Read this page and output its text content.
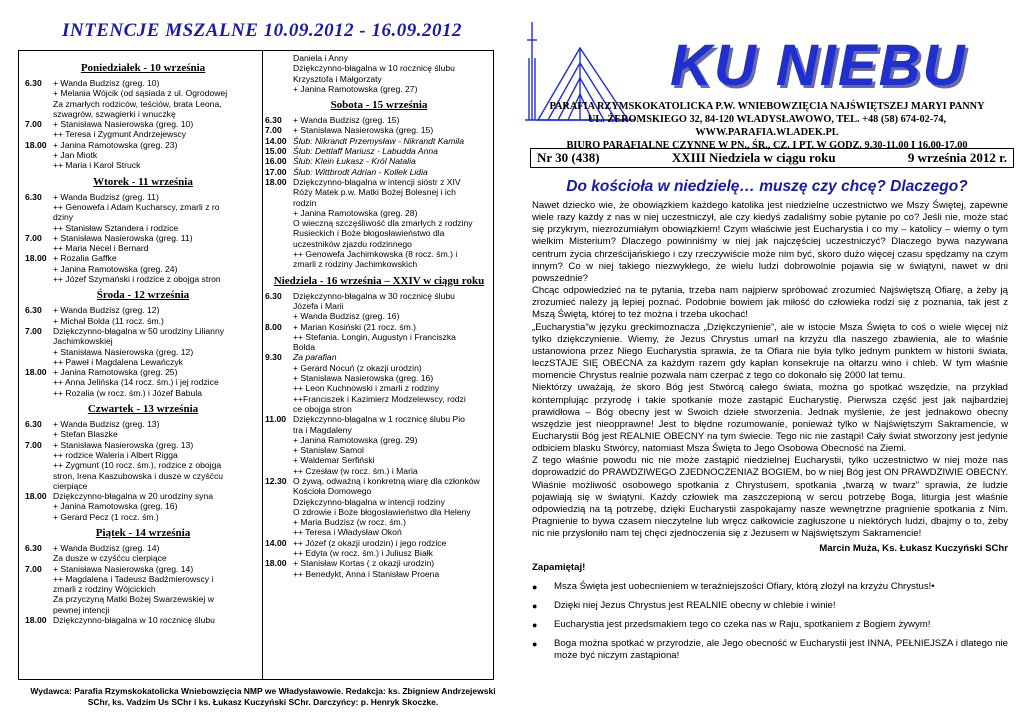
INTENCJE MSZALNE 10.09.2012 - 16.09.2012
Poniedziałek - 10 września
6.30	+ Wanda Budzisz (greg. 10)
+ Melania Wójcik (od sąsiada z ul. Ogrodowej
Za zmarłych rodziców, teściów, brata Leona,
szwagrów, szwagierki i wnuczkę
7.00	+ Stanisława Nasierowska (greg. 10)
++ Teresa i Zygmunt Andrzejewscy
18.00 + Janina Ramotowska (greg. 23)
+ Jan Miotk
++ Maria i Karol Struck
Wtorek - 11 września
6.30	+ Wanda Budzisz (greg. 11)
++ Genowefa i Adam Kucharscy, zmarli z ro
dziny
++ Stanisław Sztandera i rodzice
7.00	+ Stanisława Nasierowska (greg. 11)
++ Maria Necel i Bernard
18.00 + Rozalia Gaffke
+ Janina Ramotowska (greg. 24)
++ Józef Szymański i rodzice z obojga stron
Środa - 12 września
6.30	+ Wanda Budzisz (greg. 12)
+ Michał Bolda (11 rocz. śm.)
7.00	Dziękczynno-błagalna w 50 urodziny Lilianny
Jachimkowskiej
+ Stanisława Nasierowska (greg. 12)
++ Paweł i Magdalena Lewańczyk
18.00 + Janina Ramotowska (greg. 25)
++ Anna Jelińska (14 rocz. śm.) i jej rodzice
++ Rozalia (w rocz. śm.) i Józef Babula
Czwartek - 13 września
6.30	+ Wanda Budzisz (greg. 13)
+ Stefan Blaszke
7.00	+ Stanisława Nasierowska (greg. 13)
++ rodzice Waleria i Albert Rigga
++ Zygmunt (10 rocz. śm.), rodzice z obojga
stron, Irena Kaszubowska i dusze w czyśćcu
cierpiące
18.00 Dziękczynno-błagalna w 20 urodziny syna
+ Janina Ramotowska (greg. 16)
+ Gerard Pecz (1 rocz. śm.)
Piątek - 14 września
6.30	+ Wanda Budzisz (greg. 14)
Za dusze w czyśćcu cierpiące
7.00	+ Stanisława Nasierowska (greg. 14)
++ Magdalena i Tadeusz Badźmierowscy i
zmarli z rodziny Wójcickich
Za przyczyną Matki Bożej Swarzewskiej w
pewnej intencji
18.00 Dziękczynno-błagalna w 10 rocznicę ślubu
Daniela i Anny
Dziękczynno-błagalna w 10 rocznicę ślubu
Krzysztofa i Małgorzaty
+ Janina Ramotowska (greg. 27)
Sobota - 15 września
6.30	+ Wanda Budzisz (greg. 15)
7.00	+ Stanisława Nasierowska (greg. 15)
14.00 Ślub: Nikrandt Przemysław - Nikrandt Kamila
15.00 Ślub: Dettlaff Mariusz - Labudda Anna
16.00 Ślub: Klein Łukasz - Król Natalia
17.00 Ślub: Wittbrodt Adrian - Kollek Lidia
18.00 Dziękczynno-błagalna w intencji sióstr z XIV
Róży Matek p.w. Matki Bożej Bolesnej i ich
rodzin
+ Janina Ramotowska (greg. 28)
O wieczną szczęśliwość dla zmarłych z rodziny
Rusieckich i Boże błogosławieństwo dla
uczestników zjazdu rodzinnego
++ Genowefa Jachimkowska (8 rocz. śm.) i
zmarli z rodziny Jachimkowskich
Niedziela - 16 września – XXIV w ciągu roku
6.30	Dziękczynno-błagalna w 30 rocznicę ślubu
Józefa i Marii
+ Wanda Budzisz (greg. 16)
8.00	+ Marian Kosiński (21 rocz. śm.)
++ Stefania. Longin, Augustyn i Franciszka
Bolda
9.30	Za parafian
+ Gerard Nocuń (z okazji urodzin)
+ Stanisława Nasierowska (greg. 16)
++ Leon Kuchnowski i zmarli z rodziny
++Franciszek i Kazimierz Modzelewscy, rodzi
ce obojga stron
11.00 Dziękczynno-błagalna w 1 rocznicę ślubu Pio
tra i Magdaleny
+ Janina Ramotowska (greg. 29)
+ Stanisław Samol
+ Waldemar Serfiński
++ Czesław (w rocz. śm.) i Maria
12.30 O żywą, odważną i konkretną wiarę dla członków Kościoła Domowego
Dziękczynno-błagalna w intencji rodziny
O zdrowie i Boże błogosławieństwo dla Heleny
+ Maria Budzisz (w rocz. śm.)
++ Teresa i Władysław Okoń
14.00 ++ Józef (z okazji urodzin) i jego rodzice
++ Edyta (w rocz. śm.) i Juliusz Białk
18.00 + Stanisław Kortas ( z okazji urodzin)
++ Benedykt, Anna i Stanisław Proena
Wydawca: Parafia Rzymskokatolicka Wniebowzięcia NMP we Władysławowie. Redakcja: ks. Zbigniew Andrzejewski
SChr, ks. Vadzim Us SChr i ks. Łukasz Kuczyński SChr. Darczyńcy: p. Henryk Skoczke.
KU NIEBU
PARAFIA RZYMSKOKATOLICKA P.W. WNIEBOWZIĘCIA NAJŚWIĘTSZEJ MARYI PANNY
UL. ŻEROMSKIEGO 32, 84-120 WŁADYSŁAWOWO, TEL. +48 (58) 674-02-74, WWW.PARAFIA.WLADEK.PL
BIURO PARAFIALNE CZYNNE W PN., ŚR., CZ. I PT. W GODZ. 9.30-11.00 I 16.00-17.00
Nr 30 (438)	XXIII Niedziela w ciągu roku	9 września 2012 r.
Do kościoła w niedzielę… muszę czy chcę? Dlaczego?

Nawet dziecko wie, że obowiązkiem każdego katolika jest niedzielne uczestnictwo we Mszy Świętej, zapewne wiele razy każdy z nas w niej uczestniczył, ale czy kiedyś zadaliśmy sobie pytanie po co? Jeśli nie, może stać się przykrym, niezrozumiałym obowiązkiem! Czym właściwie jest Eucharystia i co my – katolicy – wiemy o tym wielkim Misterium? Dlaczego powinniśmy w niej jak najczęściej uczestniczyć? Dlaczego bywa nazywana centrum życia chrześcijańskiego i czy rzeczywiście może nim być, skoro dużo więcej czasu spędzamy na czym innym? Co w niej takiego niezwykłego, że wielu ludzi dobrowolnie pojawia się w świątyni, nawet w dni powszednie?

Chcąc odpowiedzieć na te pytania, trzeba nam najpierw spróbować zrozumieć Najświętszą Ofiarę, a żeby ją zrozumieć należy ją lepiej poznać. Podobnie bowiem jak miłość do człowieka rodzi się z poznania, tak jest z Mszą Świętą, której to też można i trzeba ukochać!

„Eucharystia”w języku greckimoznacza „Dziękczynienie”, ale w istocie Msza Święta to coś o wiele więcej niż tylko dziękczynienie. Wiemy, że Jezus Chrystus umarł na krzyżu dla naszego zbawienia, ale to właśnie ustanowiona przez Niego Eucharystia sprawia, że ta Ofiara nie była tylko jednym punktem w historii świata, leczSTAJE SIĘ OBECNA za każdym razem gdy kapłan konsekruje na ołtarzu wino i chleb. W tym właśnie momencie Chrystus realnie pozwala nam czerpać z tego co dokonało się 2000 lat temu.

Niektórzy uważają, że skoro Bóg jest Stwórcą całego świata, można go spotkać wszędzie, na przykład kontemplując przyrodę i takie spotkanie może zastąpić Eucharystię. Pierwsza część jest jak najbardziej prawidłowa – Bóg obecny jest w Swoich dziełe stworzenia. Jednak myślenie, że jest jednakowo obecny wszędzie jest nieopprawne! Jest to błędne rozumowanie, ponieważ tylko w Najświętszym Sakramencie, w Eucharystii Bóg jest REALNIE OBECNY na tym świecie. Tego nic nie zastąpi! Cały świat stworzony jest jedynie odbiciem blasku Stwórcy, natomiast Msza Święta to Jego Osobowa Obecność na Ziemi.

Z tego właśnie powodu nic nie może zastąpić niedzielnej Eucharystii, tylko uczestnictwo w niej może nas doprowadzić do PRAWDZIWEGO ZJEDNOCZENIAZ BOGIEM, bo w niej Bóg jest ON PRAWDZIWIE OBECNY. Właśnie możliwość osobowego spotkania z Chrystusem, spotkania „twarzą w twarz” sprawia, że ludzie pojawiają się w świątyni. Każdy człowiek ma zaszczepioną w sercu potrzebę Boga, liturgia jest właśnie odpowiedzią na tą potrzebę, dzięki Eucharystii zaspokajamy nasze wewnętrzne pragnienie spotkania z Nim. Pragnienie to bywa czasem nieczytelne lub wręcz całkowicie zagłuszone u niektórych ludzi, dbajmy o to, żeby nic nie przysłoniło nam tej chęci zjednoczenia się z Jezusem w Najświętszym Sakramencie!

Marcin Muża, Ks. Łukasz Kuczyński SChr
Zapamiętaj!
●	Msza Święta jest uobecnieniem w teraźniejszości Ofiary, którą złożył na krzyżu Chrystus!•
●	Dzięki niej Jezus Chrystus jest REALNIE obecny w chlebie i winie!
●	Eucharystia jest przedsmakiem tego co czeka nas w Raju, spotkaniem z Bogiem żywym!
●	Boga można spotkać w przyrodzie, ale Jego obecność w Eucharystii jest INNA, PEŁNIEJSZA i dlatego nie może być niczym zastąpiona!
